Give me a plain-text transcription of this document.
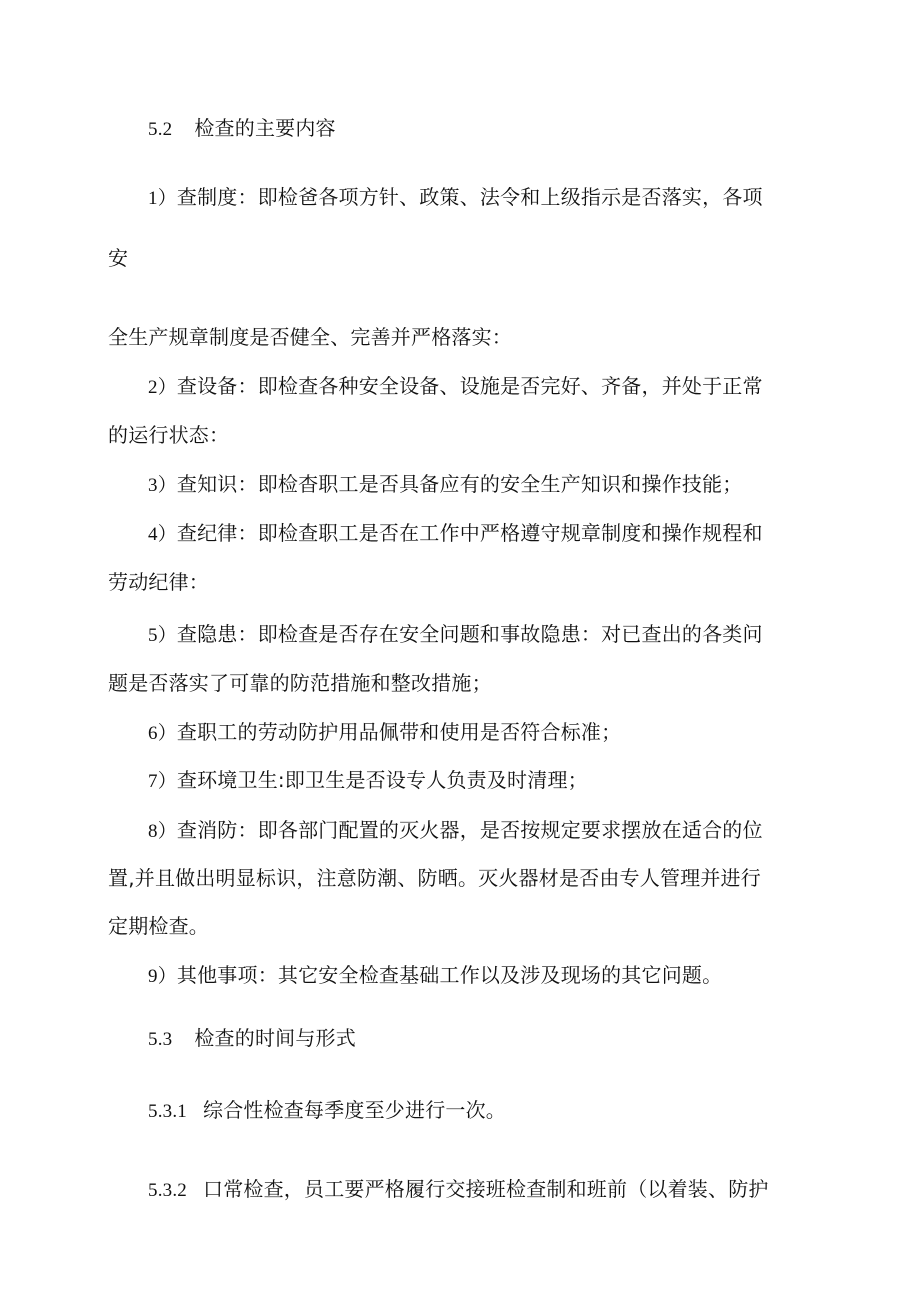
5.2 检查的主要内容
1）查制度：即检爸各项方针、政策、法令和上级指示是否落实，各项
安
全生产规章制度是否健全、完善并严格落实：
2）查设备：即检查各种安全设备、设施是否完好、齐备，并处于正常
的运行状态：
3）查知识：即检杳职工是否具备应有的安全生产知识和操作技能；
4）查纪律：即检查职工是否在工作中严格遵守规章制度和操作规程和
劳动纪律：
5）查隐患：即检查是否存在安全问题和事故隐患：对已查出的各类问
题是否落实了可靠的防范措施和整改措施；
6）查职工的劳动防护用品佩带和使用是否符合标准；
7）查环境卫生:即卫生是否设专人负责及时清理；
8）查消防：即各部门配置的灭火器，是否按规定要求摆放在适合的位
置,并且做出明显标识，注意防潮、防晒。灭火器材是否由专人管理并进行
定期检查。
9）其他事项：其它安全检查基础工作以及涉及现场的其它问题。
5.3 检查的时间与形式
5.3.1 综合性检查每季度至少进行一次。
5.3.2 口常检查，员工要严格履行交接班检查制和班前（以着装、防护
